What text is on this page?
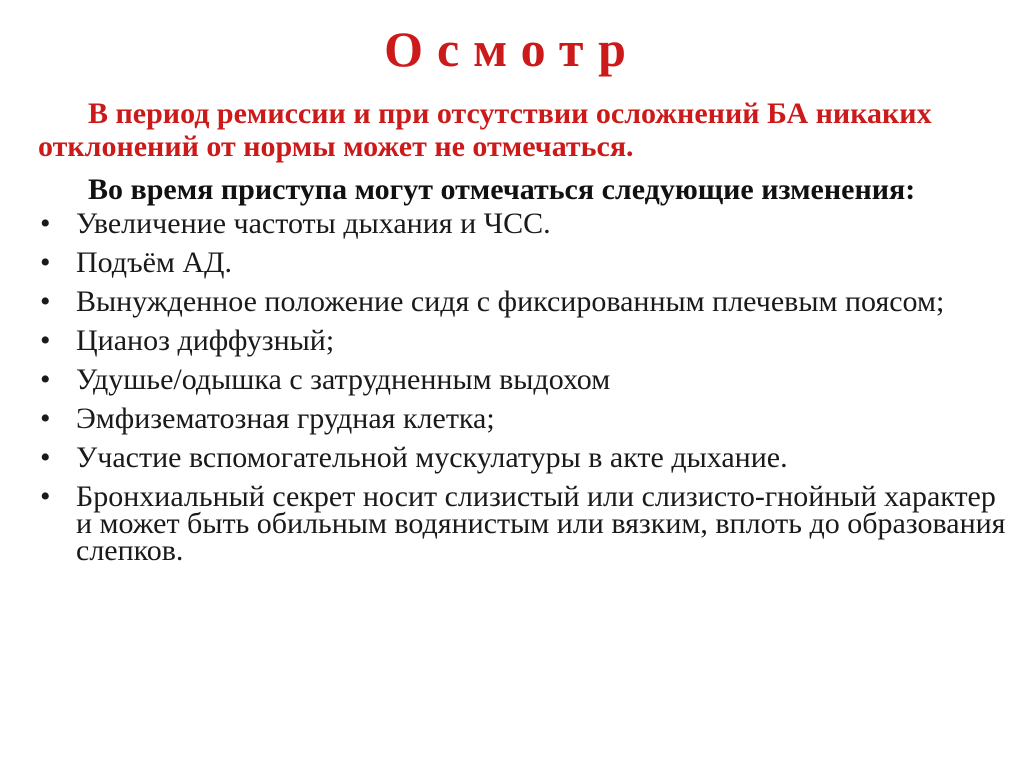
Осмотр

В период ремиссии и при отсутствии осложнений БА никаких отклонений от нормы может не отмечаться.

Во время приступа могут отмечаться следующие изменения:

• Увеличение частоты дыхания и ЧСС.
• Подъём АД.
• Вынужденное положение сидя с фиксированным плечевым поясом;
• Цианоз диффузный;
• Удушье/одышка с затрудненным выдохом
• Эмфизематозная грудная клетка;
• Участие вспомогательной мускулатуры в акте дыхание.
• Бронхиальный секрет носит слизистый или слизисто-гнойный характер и может быть обильным водянистым или вязким, вплоть до образования слепков.
